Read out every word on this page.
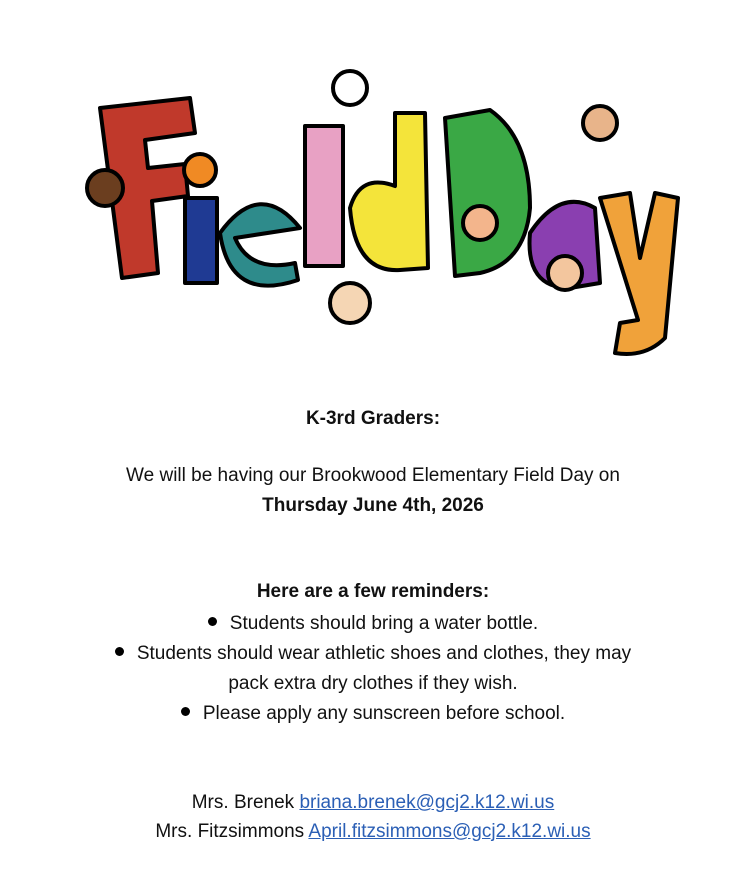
K-3rd Graders:
We will be having our Brookwood Elementary Field Day on
Thursday June 4th, 2026
Here are a few reminders:
Students should bring a water bottle.
Students should wear athletic shoes and clothes, they may
pack extra dry clothes if they wish.
Please apply any sunscreen before school.
Mrs. Brenek briana.brenek@gcj2.k12.wi.us
Mrs. Fitzsimmons April.fitzsimmons@gcj2.k12.wi.us
